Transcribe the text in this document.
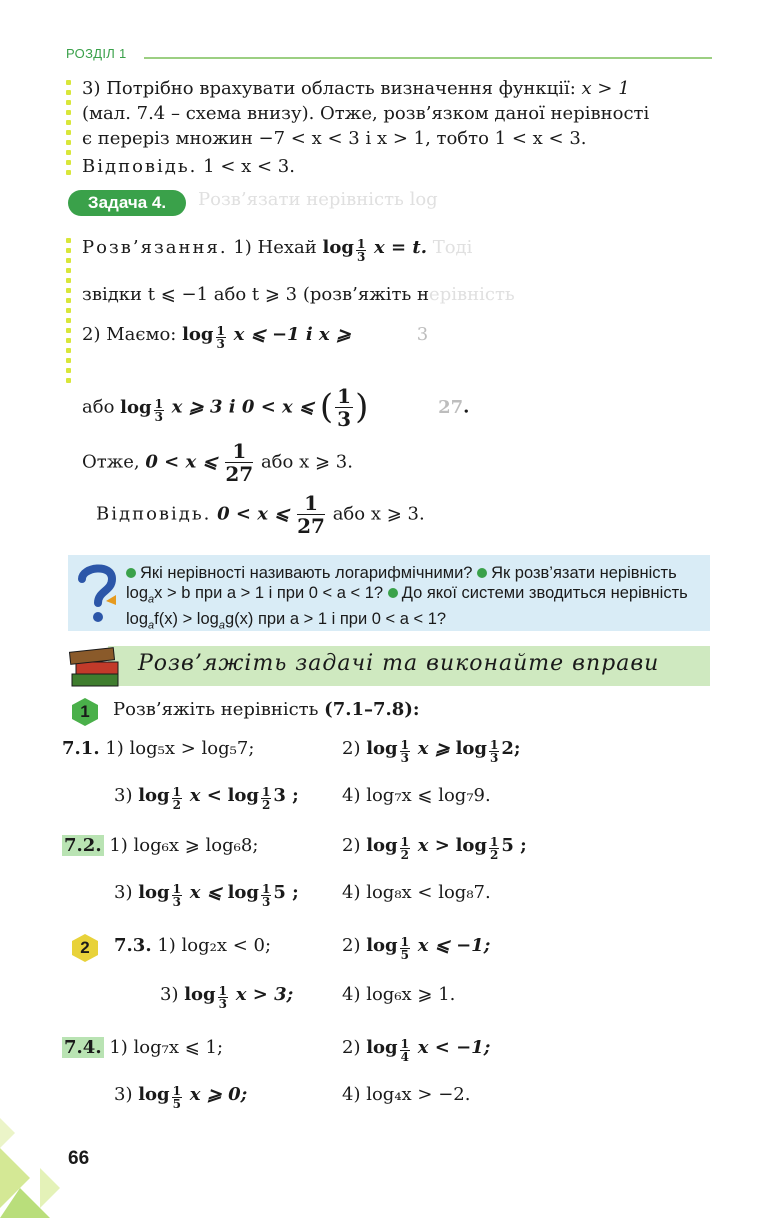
РОЗДІЛ 1
3) Потрібно врахувати область визначення функції: x > 1
(мал. 7.4 – схема внизу). Отже, розв’язком даної нерівності
є переріз множин −7 < x < 3 і x > 1, тобто 1 < x < 3.
Відповідь. 1 < x < 3.
Задача 4.	Розв’язати нерівність log
Розв’язання. 1) Нехай $\log \frac{1}{3}$ x = t. Тоді
звідки t ⩽ −1 або t ⩾ 3 (розв’яжіть нерівність
2) Маємо: $\log \frac{1}{3}$ x ⩽ −1 і x ⩾	3
або $\log \frac{1}{3}$ x ⩾ 3 і 0 < x ⩽ ( $\frac{1}{3}$ )	27.
Отже, 0 < x ⩽ $\frac{1}{27}$ або x ⩾ 3.
Відповідь. 0 < x ⩽ $\frac{1}{27}$ або x ⩾ 3.
Які нерівності називають логарифмічними? Як розв’язати нерівність $\log_ax > b$ при a > 1 і при 0 < a < 1? До якої системи зводиться нерівність $\log_af(x) > \log_ag(x)$ при a > 1 і при 0 < a < 1?
Розв’яжіть задачі та виконайте вправи
1	Розв’яжіть нерівність (7.1–7.8):
7.1. 1) log₅x > log₅7;	2) $\log \frac{1}{3}$ x ⩾ $\log \frac{1}{3} 2$;
3) $\log \frac{1}{2}$ $x < \log \frac{1}{2} 3$ ; 4) log₇x ⩽ log₇9.
7.2. 1) log₆x ⩾ log₆8;	2) $\log \frac{1}{2}$ $x > \log \frac{1}{2} 5$ ;
3) $\log \frac{1}{3}$ x ⩽ $\log \frac{1}{3} 5$ ; 4) log₈x < log₈7.
2	7.3. 1) log₂x < 0;	2) $\log \frac{1}{5}$ x ⩽ −1;
3) $\log \frac{1}{3}$ x > 3;	4) log₆x ⩾ 1.
7.4. 1) log₇x ⩽ 1;	2) $\log \frac{1}{4}$ x < −1;
3) $\log \frac{1}{5}$ x ⩾ 0;	4) log₄x > −2.
66
